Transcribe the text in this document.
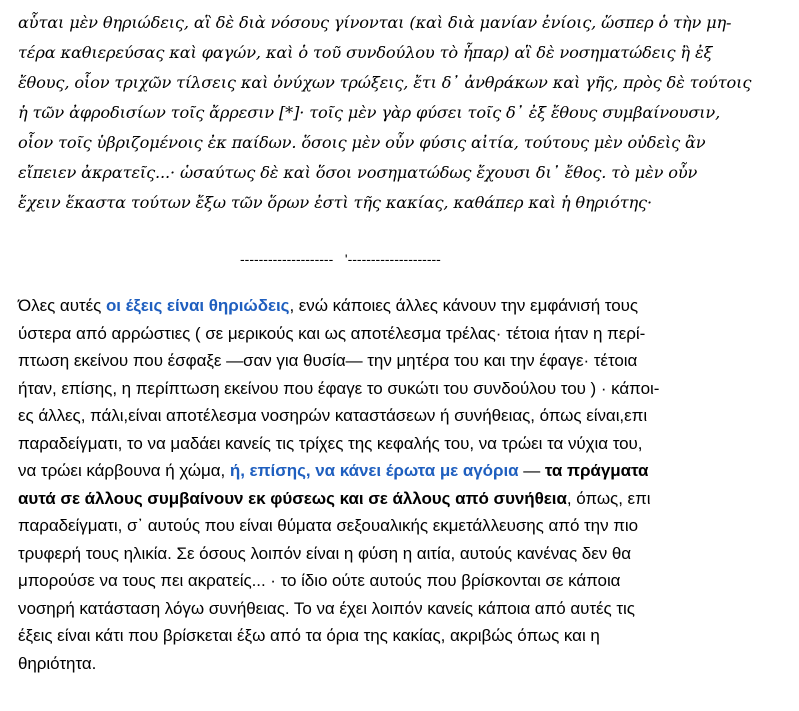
αὗται μὲν θηριώδεις, αἳ δὲ διὰ νόσους γίνονται (καὶ διὰ μανίαν ἐνίοις, ὥσπερ ὁ τὴν μη-
τέρα καθιερεύσας καὶ φαγών, καὶ ὁ τοῦ συνδούλου τὸ ἧπαρ) αἳ δὲ νοσηματώδεις ἢ ἐξ
ἔθους, οἷον τριχῶν τίλσεις καὶ ὀνύχων τρώξεις, ἔτι δ᾽ ἀνθράκων καὶ γῆς, πρὸς δὲ τούτοις
ἡ τῶν ἀφροδισίων τοῖς ἄρρεσιν [*]· τοῖς μὲν γὰρ φύσει τοῖς δ᾽ ἐξ ἔθους συμβαίνουσιν,
οἷον τοῖς ὑβριζομένοις ἐκ παίδων. ὅσοις μὲν οὖν φύσις αἰτία, τούτους μὲν οὐδεὶς ἂν
εἴπειεν ἀκρατεῖς...· ὡσαύτως δὲ καὶ ὅσοι νοσηματώδως ἔχουσι δι᾽ ἔθος. τὸ μὲν οὖν
ἔχειν ἕκαστα τούτων ἔξω τῶν ὅρων ἐστὶ τῆς κακίας, καθάπερ καὶ ἡ θηριότης·
--------------------   '--------------------
Όλες αυτές οι έξεις είναι θηριώδεις, ενώ κάποιες άλλες κάνουν την εμφάνισή τους
ύστερα από αρρώστιες ( σε μερικούς και ως αποτέλεσμα τρέλας· τέτοια ήταν η περί-
πτωση εκείνου που έσφαξε —σαν για θυσία— την μητέρα του και την έφαγε· τέτοια
ήταν, επίσης, η περίπτωση εκείνου που έφαγε το συκώτι του συνδούλου του ) · κάποι-
ες άλλες, πάλι,είναι αποτέλεσμα νοσηρών καταστάσεων ή συνήθειας, όπως είναι,επι
παραδείγματι, το να μαδάει κανείς τις τρίχες της κεφαλής του, να τρώει τα νύχια του,
να τρώει κάρβουνα ή χώμα, ή, επίσης, να κάνει έρωτα με αγόρια — τα πράγματα
αυτά σε άλλους συμβαίνουν εκ φύσεως και σε άλλους από συνήθεια, όπως, επι
παραδείγματι, σ᾽ αυτούς που είναι θύματα σεξουαλικής εκμετάλλευσης από την πιο
τρυφερή τους ηλικία. Σε όσους λοιπόν είναι η φύση η αιτία, αυτούς κανένας δεν θα
μπορούσε να τους πει ακρατείς... · το ίδιο ούτε αυτούς που βρίσκονται σε κάποια
νοσηρή κατάσταση λόγω συνήθειας. Το να έχει λοιπόν κανείς κάποια από αυτές τις
έξεις είναι κάτι που βρίσκεται έξω από τα όρια της κακίας, ακριβώς όπως και η
θηριότητα.
